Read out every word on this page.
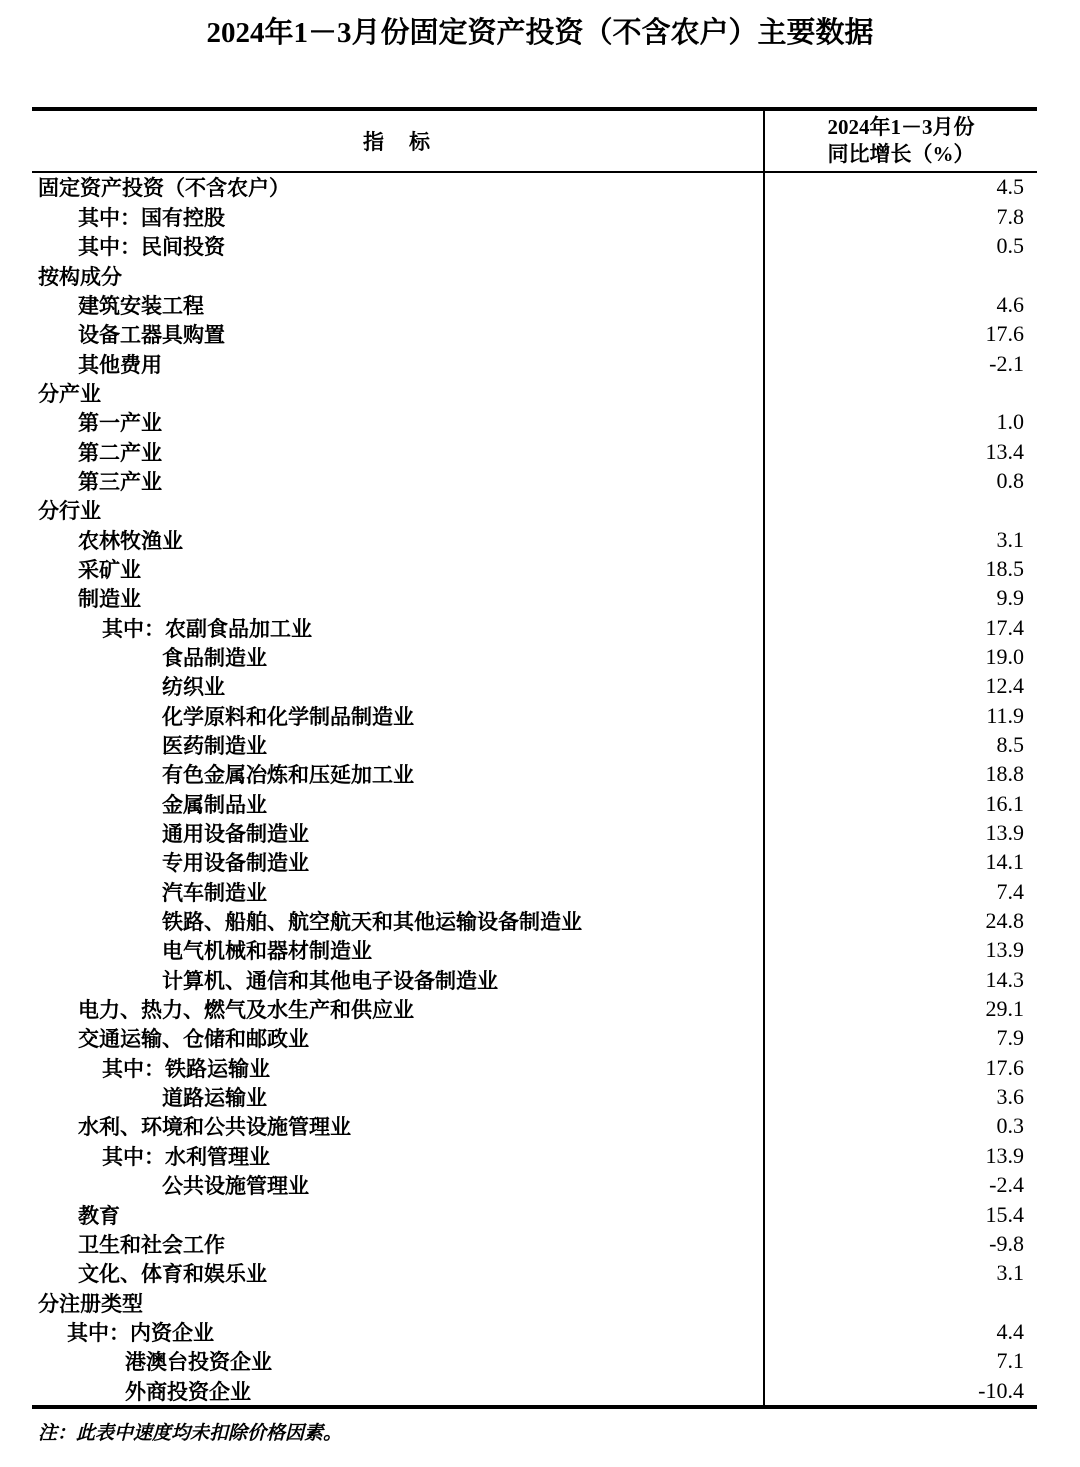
2024年1－3月份固定资产投资（不含农户）主要数据
指　标
2024年1－3月份
同比增长（%）
固定资产投资（不含农户）	4.5
其中：国有控股	7.8
其中：民间投资	0.5
按构成分
建筑安装工程	4.6
设备工器具购置	17.6
其他费用	-2.1
分产业
第一产业	1.0
第二产业	13.4
第三产业	0.8
分行业
农林牧渔业	3.1
采矿业	18.5
制造业	9.9
其中：农副食品加工业	17.4
食品制造业	19.0
纺织业	12.4
化学原料和化学制品制造业	11.9
医药制造业	8.5
有色金属冶炼和压延加工业	18.8
金属制品业	16.1
通用设备制造业	13.9
专用设备制造业	14.1
汽车制造业	7.4
铁路、船舶、航空航天和其他运输设备制造业	24.8
电气机械和器材制造业	13.9
计算机、通信和其他电子设备制造业	14.3
电力、热力、燃气及水生产和供应业	29.1
交通运输、仓储和邮政业	7.9
其中：铁路运输业	17.6
道路运输业	3.6
水利、环境和公共设施管理业	0.3
其中：水利管理业	13.9
公共设施管理业	-2.4
教育	15.4
卫生和社会工作	-9.8
文化、体育和娱乐业	3.1
分注册类型
其中：内资企业	4.4
港澳台投资企业	7.1
外商投资企业	-10.4
注：此表中速度均未扣除价格因素。
